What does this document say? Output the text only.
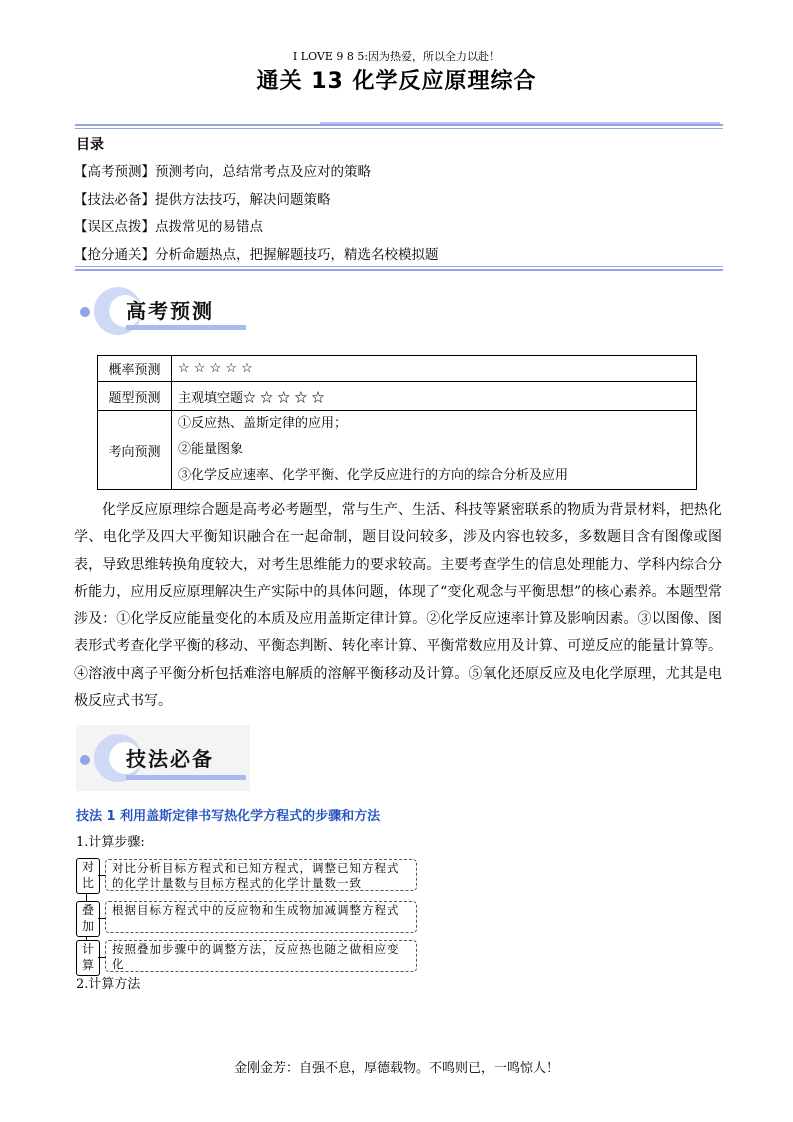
I LOVE 9 8 5:因为热爱，所以全力以赴！
通关 13 化学反应原理综合
目录
【高考预测】预测考向，总结常考点及应对的策略
【技法必备】提供方法技巧，解决问题策略
【误区点拨】点拨常见的易错点
【抢分通关】分析命题热点，把握解题技巧，精选名校模拟题
高考预测
概率预测	☆ ☆ ☆ ☆ ☆
题型预测	主观填空题☆ ☆ ☆ ☆ ☆
考向预测	①反应热、盖斯定律的应用；
②能量图象
③化学反应速率、化学平衡、化学反应进行的方向的综合分析及应用

化学反应原理综合题是高考必考题型，常与生产、生活、科技等紧密联系的物质为背景材料，把热化学、电化学及四大平衡知识融合在一起命制，题目设问较多，涉及内容也较多，多数题目含有图像或图表，导致思维转换角度较大，对考生思维能力的要求较高。主要考查学生的信息处理能力、学科内综合分析能力，应用反应原理解决生产实际中的具体问题，体现了“变化观念与平衡思想”的核心素养。本题型常涉及：①化学反应能量变化的本质及应用盖斯定律计算。②化学反应速率计算及影响因素。③以图像、图表形式考查化学平衡的移动、平衡态判断、转化率计算、平衡常数应用及计算、可逆反应的能量计算等。④溶液中离子平衡分析包括难溶电解质的溶解平衡移动及计算。⑤氧化还原反应及电化学原理，尤其是电极反应式书写。

技法必备
技法 1 利用盖斯定律书写热化学方程式的步骤和方法
1.计算步骤:
对
比
对比分析目标方程式和已知方程式，调整已知方程式的化学计量数与目标方程式的化学计量数一致
叠
加
根据目标方程式中的反应物和生成物加减调整方程式
计
算
按照叠加步骤中的调整方法，反应热也随之做相应变化
2.计算方法
金刚金芳：自强不息，厚德载物。不鸣则已，一鸣惊人！
